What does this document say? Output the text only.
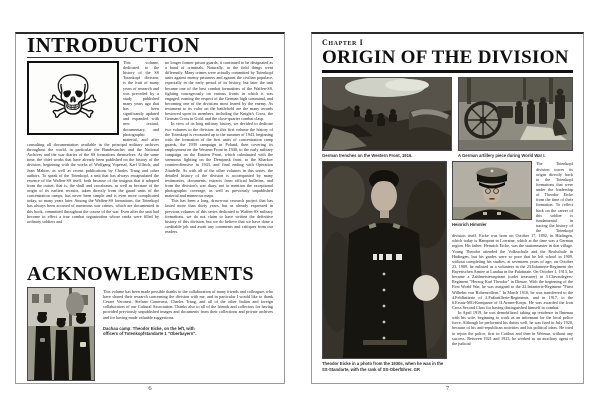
INTRODUCTION
☠

This volume, dedicated to the history of the SS Totenkopf division, is the fruit of many years of research and was preceded by a study published many years ago that has been significantly updated and expanded with new textual, documentary, and photographic material, and after consulting all documentation available in the principal military archives throughout the world, in particular the Bundesarchiv and the National Archives and the war diaries of the SS formations themselves. At the same time, the chief works that have already been published on the history of the division, beginning with the works of Wolfgang Vopersal, Karl Ullrich, and Jean Mabire, as well as recent publications by Charles Trang and other authors. To speak of the Totenkopf, a unit that has always encapsulated the essence of the Waffen-SS itself, both because of the insignia that it adopted from the outset, that is, the skull and crossbones, as well as because of the origin of its earliest recruits, taken directly from the guard units of the concentration camps, has never been simple and is even more complicated today, so many years later. Among the Waffen-SS formations, the Totenkopf has always been accused of numerous war crimes, which are documented in this book, committed throughout the course of the war. Even after the unit had become in effect a true combat organization whose ranks were filled by ordinary soldiers and

no longer former prison guards, it continued to be designated as a band of criminals. Naturally, in the field things went differently. Many crimes were actually committed by Totenkopf units against enemy prisoners and against the civilian populace, especially in the early period of its history, but later the unit became one of the best combat formations of the Waffen-SS, fighting courageously on various fronts in which it was engaged, earning the respect of the German high command, and becoming one of the divisions most feared by the enemy. As testament to its valor on the battlefield are the many awards bestowed upon its members, including the Knight's Cross, the German Cross in Gold, and the close-quarter combat clasp.

In view of its long military history, we decided to dedicate two volumes to the division: in this first volume the history of the Totenkopf is recounted up to the summer of 1943, beginning with the formation of the first units of concentration camp guards, the 1939 campaign in Poland, then covering its employment on the Western Front in 1940, to the early military campaign on the Eastern Front, which culminated with the strenuous fighting on the Demjansk front, to the Kharkov counteroffensive in 1943, and final ending with Operation Zitadelle. As with all of the other volumes in this series, the detailed history of the division is accompanied by many testimonies, documents, extracts from official bulletins, and from the division's war diary, not to mention the exceptional photographic coverage, as well as previously unpublished material and numerous maps.

This has been a long, drawn-out research project that has lasted more than thirty years, but as already expressed in previous volumes of this series dedicated to Waffen-SS military formations, we do not claim to have written the definitive history of this division, but we do believe that we have done a creditable job and await any comments and critiques from our readers.

ACKNOWLEDGMENTS

This volume has been made possible thanks to the collaboration of many friends and colleagues who have shared their research concerning the division with me, and in particular I would like to thank Cesare Veronesi, Stefano Canavassi, Charles Trang, and all of the other Italian and foreign collaborators of our Cultural Association. Thanks also to all of the friends and collectors for having provided previously unpublished images and documents from their collections and private archives and for having made valuable suggestions.

Dachau camp: Theodor Eicke, on the left, with officers of Totenkopfstandarte 1 "Oberbayern".

6
Chapter I
ORIGIN OF THE DIVISION
German trenches on the Western Front, 1916.	A German artillery piece during World War I.
Theodor Eicke in a photo from the 1930s, when he was in the SS-Standarte, with the rank of SS-Oberführer. GR
Heinrich Himmler

The Totenkopf division traces its origin directly back to the Totenkopf formations that were under the leadership of Theodor Eicke from the time of their formation. To reflect back on the career of this soldier is fundamental in tracing the history of the Totenkopf division itself. Eicke was born on October 17, 1892, in Hüdingen, which today is Hampont in Lorraine, which at the time was a German region. His father, Heinrich Eicke, was the stationmaster in that village. Young Theodor attended the Volksschule and the Realschule in Hüdingen, but his grades were so poor that he left school in 1909, without completing his studies, at seventeen years of age; on October 23, 1909, he enlisted as a volunteer in the 23.Infanterie-Regiment der Bayerischen Armee at Landau in the Palatinate. On October 1, 1913, he became a Zahlmeisteraspirant (cadet treasurer) in 3.Chevaulegers-Regiment "Herzog Karl Theodor" in Dieuze. With the beginning of the First World War, he was assigned to the 22.Infanterie-Regiment "Fürst Wilhelm von Hohenzollern." In March 1916, he was transferred to the 4.Feldbatterie of 2.Fußartillerie-Regiments, and in 1917, to the 6.Ersatz-MG-Kompanie of II.Armee-Korps. He was awarded the Iron Cross Second Class for having distinguished himself in combat.

In April 1919, he was demobilized, taking up residence in Ilmenau with his wife, beginning to work as an informant for the local police force. Although he performed his duties well, he was fired in July 1920, because of his anti-republican activities and his political ideas. He tried to rejoin the police, first in Cottbus and then in Weimar, without any success. Between 1921 and 1923, he worked as an auxiliary agent of the judicial

7
